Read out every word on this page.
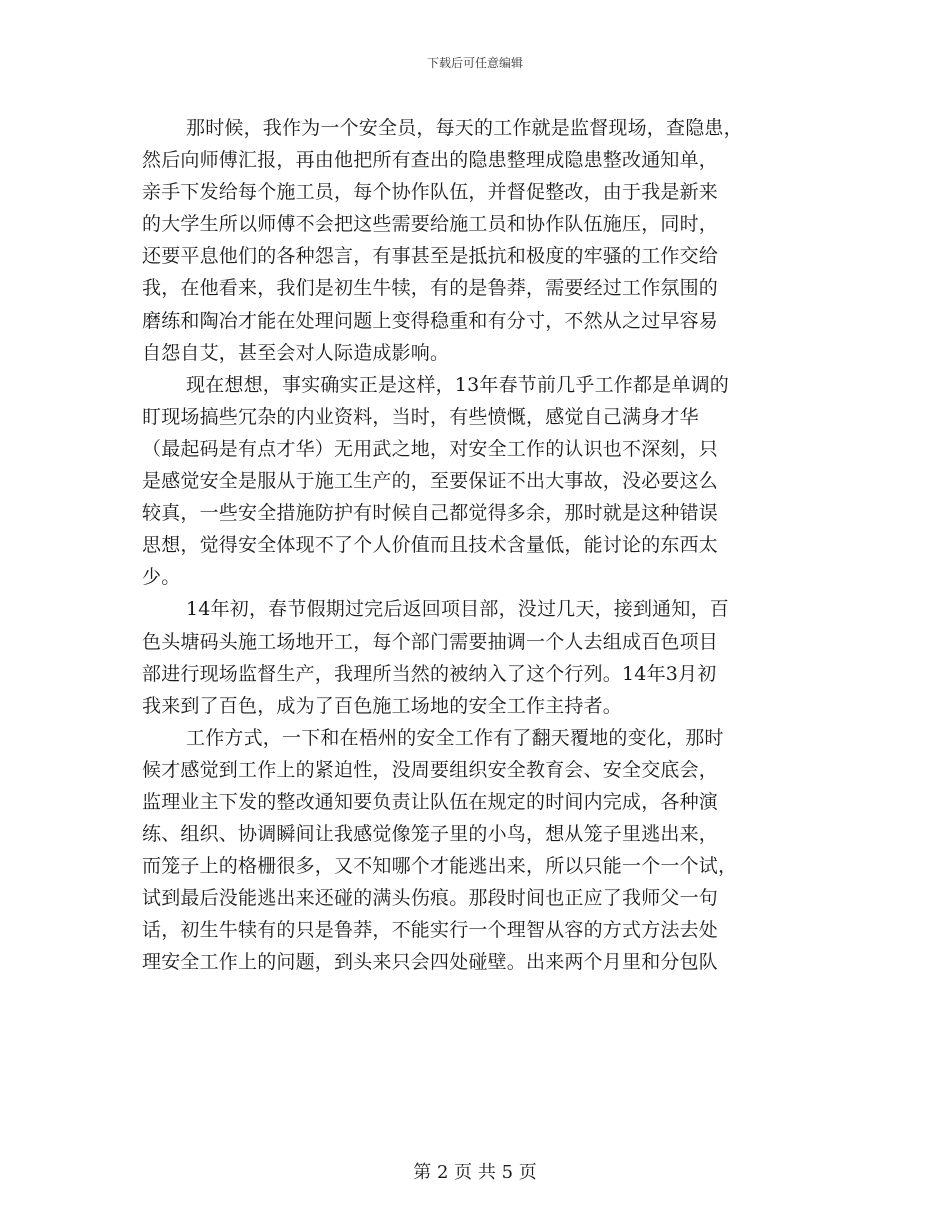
下载后可任意编辑

那时候，我作为一个安全员，每天的工作就是监督现场，查隐患，
然后向师傅汇报，再由他把所有查出的隐患整理成隐患整改通知单，
亲手下发给每个施工员，每个协作队伍，并督促整改，由于我是新来
的大学生所以师傅不会把这些需要给施工员和协作队伍施压，同时，
还要平息他们的各种怨言，有事甚至是抵抗和极度的牢骚的工作交给
我，在他看来，我们是初生牛犊，有的是鲁莽，需要经过工作氛围的
磨练和陶冶才能在处理问题上变得稳重和有分寸，不然从之过早容易
自怨自艾，甚至会对人际造成影响。

现在想想，事实确实正是这样，13年春节前几乎工作都是单调的
盯现场搞些冗杂的内业资料，当时，有些愤慨，感觉自己满身才华
（最起码是有点才华）无用武之地，对安全工作的认识也不深刻，只
是感觉安全是服从于施工生产的，至要保证不出大事故，没必要这么
较真，一些安全措施防护有时候自己都觉得多余，那时就是这种错误
思想，觉得安全体现不了个人价值而且技术含量低，能讨论的东西太
少。

14年初，春节假期过完后返回项目部，没过几天，接到通知，百
色头塘码头施工场地开工，每个部门需要抽调一个人去组成百色项目
部进行现场监督生产，我理所当然的被纳入了这个行列。14年3月初
我来到了百色，成为了百色施工场地的安全工作主持者。

工作方式，一下和在梧州的安全工作有了翻天覆地的变化，那时
候才感觉到工作上的紧迫性，没周要组织安全教育会、安全交底会，
监理业主下发的整改通知要负责让队伍在规定的时间内完成，各种演
练、组织、协调瞬间让我感觉像笼子里的小鸟，想从笼子里逃出来，
而笼子上的格栅很多，又不知哪个才能逃出来，所以只能一个一个试，
试到最后没能逃出来还碰的满头伤痕。那段时间也正应了我师父一句
话，初生牛犊有的只是鲁莽，不能实行一个理智从容的方式方法去处
理安全工作上的问题，到头来只会四处碰壁。出来两个月里和分包队

第 2 页 共 5 页
